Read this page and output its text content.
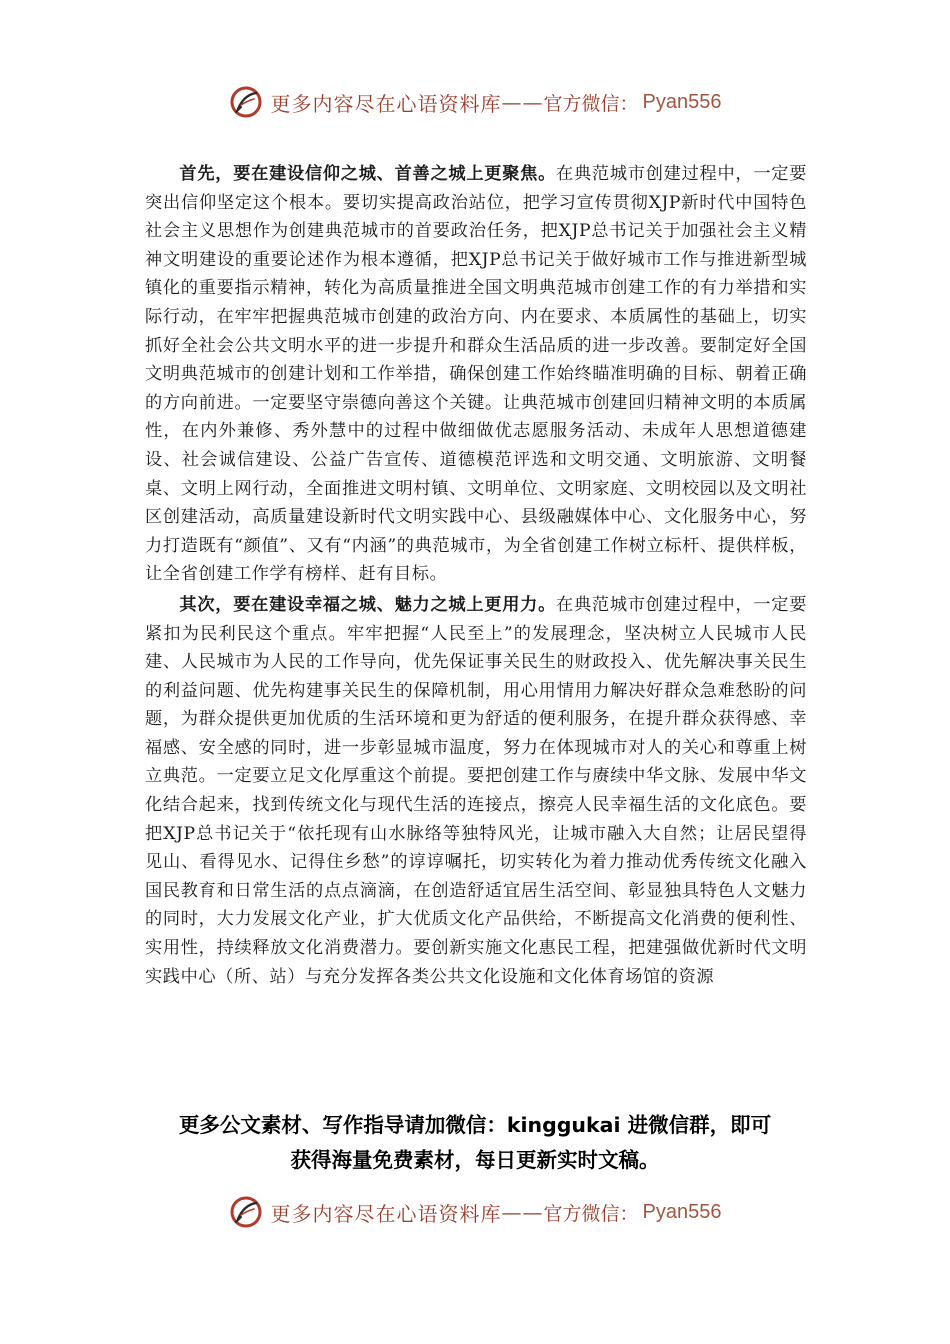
更多内容尽在心语资料库 —— 官方微信： Pyan556

首先，要在建设信仰之城、首善之城上更聚焦。在典范城市创建过程中，一定要突出信仰坚定这个根本。要切实提高政治站位，把学习宣传贯彻XJP新时代中国特色社会主义思想作为创建典范城市的首要政治任务，把XJP总书记关于加强社会主义精神文明建设的重要论述作为根本遵循，把XJP总书记关于做好城市工作与推进新型城镇化的重要指示精神，转化为高质量推进全国文明典范城市创建工作的有力举措和实际行动，在牢牢把握典范城市创建的政治方向、内在要求、本质属性的基础上，切实抓好全社会公共文明水平的进一步提升和群众生活品质的进一步改善。要制定好全国文明典范城市的创建计划和工作举措，确保创建工作始终瞄准明确的目标、朝着正确的方向前进。一定要坚守崇德向善这个关键。让典范城市创建回归精神文明的本质属性，在内外兼修、秀外慧中的过程中做细做优志愿服务活动、未成年人思想道德建设、社会诚信建设、公益广告宣传、道德模范评选和文明交通、文明旅游、文明餐桌、文明上网行动，全面推进文明村镇、文明单位、文明家庭、文明校园以及文明社区创建活动，高质量建设新时代文明实践中心、县级融媒体中心、文化服务中心，努力打造既有“颜值”、又有“内涵”的典范城市，为全省创建工作树立标杆、提供样板，让全省创建工作学有榜样、赶有目标。

其次，要在建设幸福之城、魅力之城上更用力。在典范城市创建过程中，一定要紧扣为民利民这个重点。牢牢把握“人民至上”的发展理念，坚决树立人民城市人民建、人民城市为人民的工作导向，优先保证事关民生的财政投入、优先解决事关民生的利益问题、优先构建事关民生的保障机制，用心用情用力解决好群众急难愁盼的问题，为群众提供更加优质的生活环境和更为舒适的便利服务，在提升群众获得感、幸福感、安全感的同时，进一步彰显城市温度，努力在体现城市对人的关心和尊重上树立典范。一定要立足文化厚重这个前提。要把创建工作与赓续中华文脉、发展中华文化结合起来，找到传统文化与现代生活的连接点，擦亮人民幸福生活的文化底色。要把XJP总书记关于“依托现有山水脉络等独特风光，让城市融入大自然；让居民望得见山、看得见水、记得住乡愁”的谆谆嘱托，切实转化为着力推动优秀传统文化融入国民教育和日常生活的点点滴滴，在创造舒适宜居生活空间、彰显独具特色人文魅力的同时，大力发展文化产业，扩大优质文化产品供给，不断提高文化消费的便利性、实用性，持续释放文化消费潜力。要创新实施文化惠民工程，把建强做优新时代文明实践中心（所、站）与充分发挥各类公共文化设施和文化体育场馆的资源

更多公文素材、写作指导请加微信：kinggukai 进微信群，即可
获得海量免费素材，每日更新实时文稿。
更多内容尽在心语资料库 —— 官方微信： Pyan556
